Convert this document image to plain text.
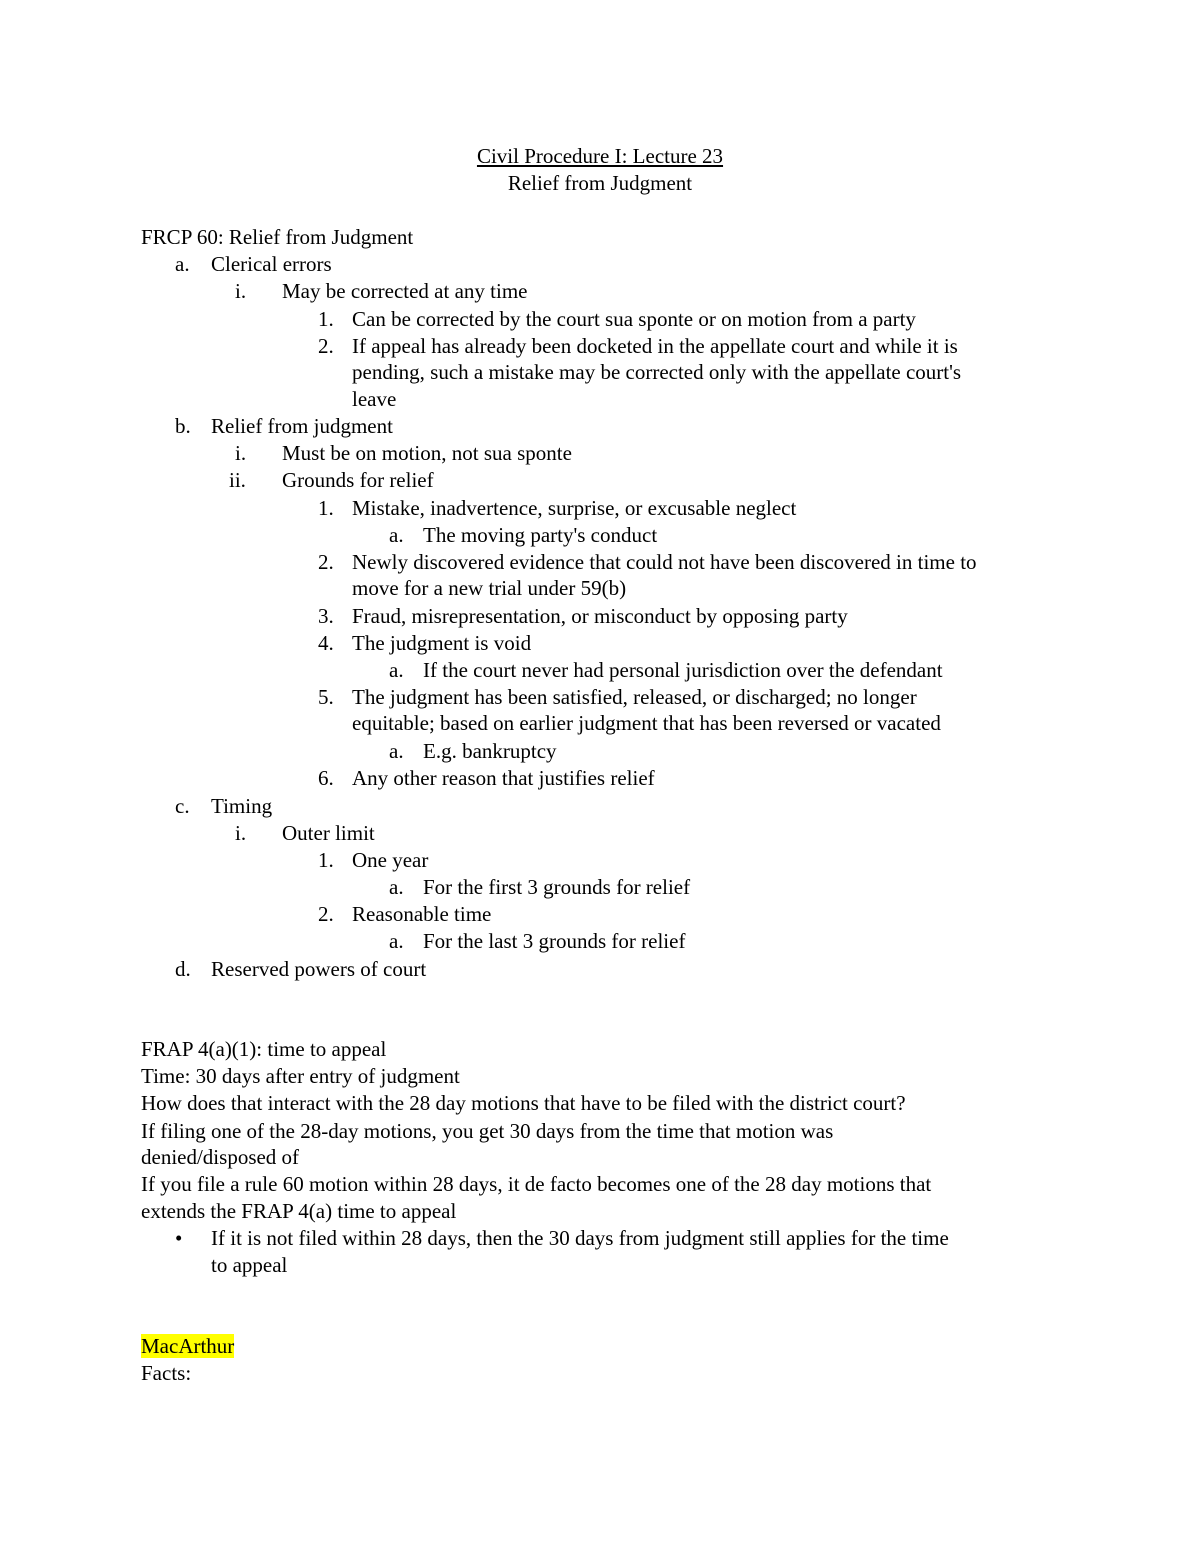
Civil Procedure I: Lecture 23
Relief from Judgment
FRCP 60: Relief from Judgment
a. Clerical errors
i. May be corrected at any time
1. Can be corrected by the court sua sponte or on motion from a party
2. If appeal has already been docketed in the appellate court and while it is
pending, such a mistake may be corrected only with the appellate court's
leave
b. Relief from judgment
i. Must be on motion, not sua sponte
ii. Grounds for relief
1. Mistake, inadvertence, surprise, or excusable neglect
a. The moving party's conduct
2. Newly discovered evidence that could not have been discovered in time to
move for a new trial under 59(b)
3. Fraud, misrepresentation, or misconduct by opposing party
4. The judgment is void
a. If the court never had personal jurisdiction over the defendant
5. The judgment has been satisfied, released, or discharged; no longer
equitable; based on earlier judgment that has been reversed or vacated
a. E.g. bankruptcy
6. Any other reason that justifies relief
c. Timing
i. Outer limit
1. One year
a. For the first 3 grounds for relief
2. Reasonable time
a. For the last 3 grounds for relief
d. Reserved powers of court
FRAP 4(a)(1): time to appeal
Time: 30 days after entry of judgment
How does that interact with the 28 day motions that have to be filed with the district court?
If filing one of the 28-day motions, you get 30 days from the time that motion was
denied/disposed of
If you file a rule 60 motion within 28 days, it de facto becomes one of the 28 day motions that
extends the FRAP 4(a) time to appeal
• If it is not filed within 28 days, then the 30 days from judgment still applies for the time
to appeal
MacArthur
Facts:
